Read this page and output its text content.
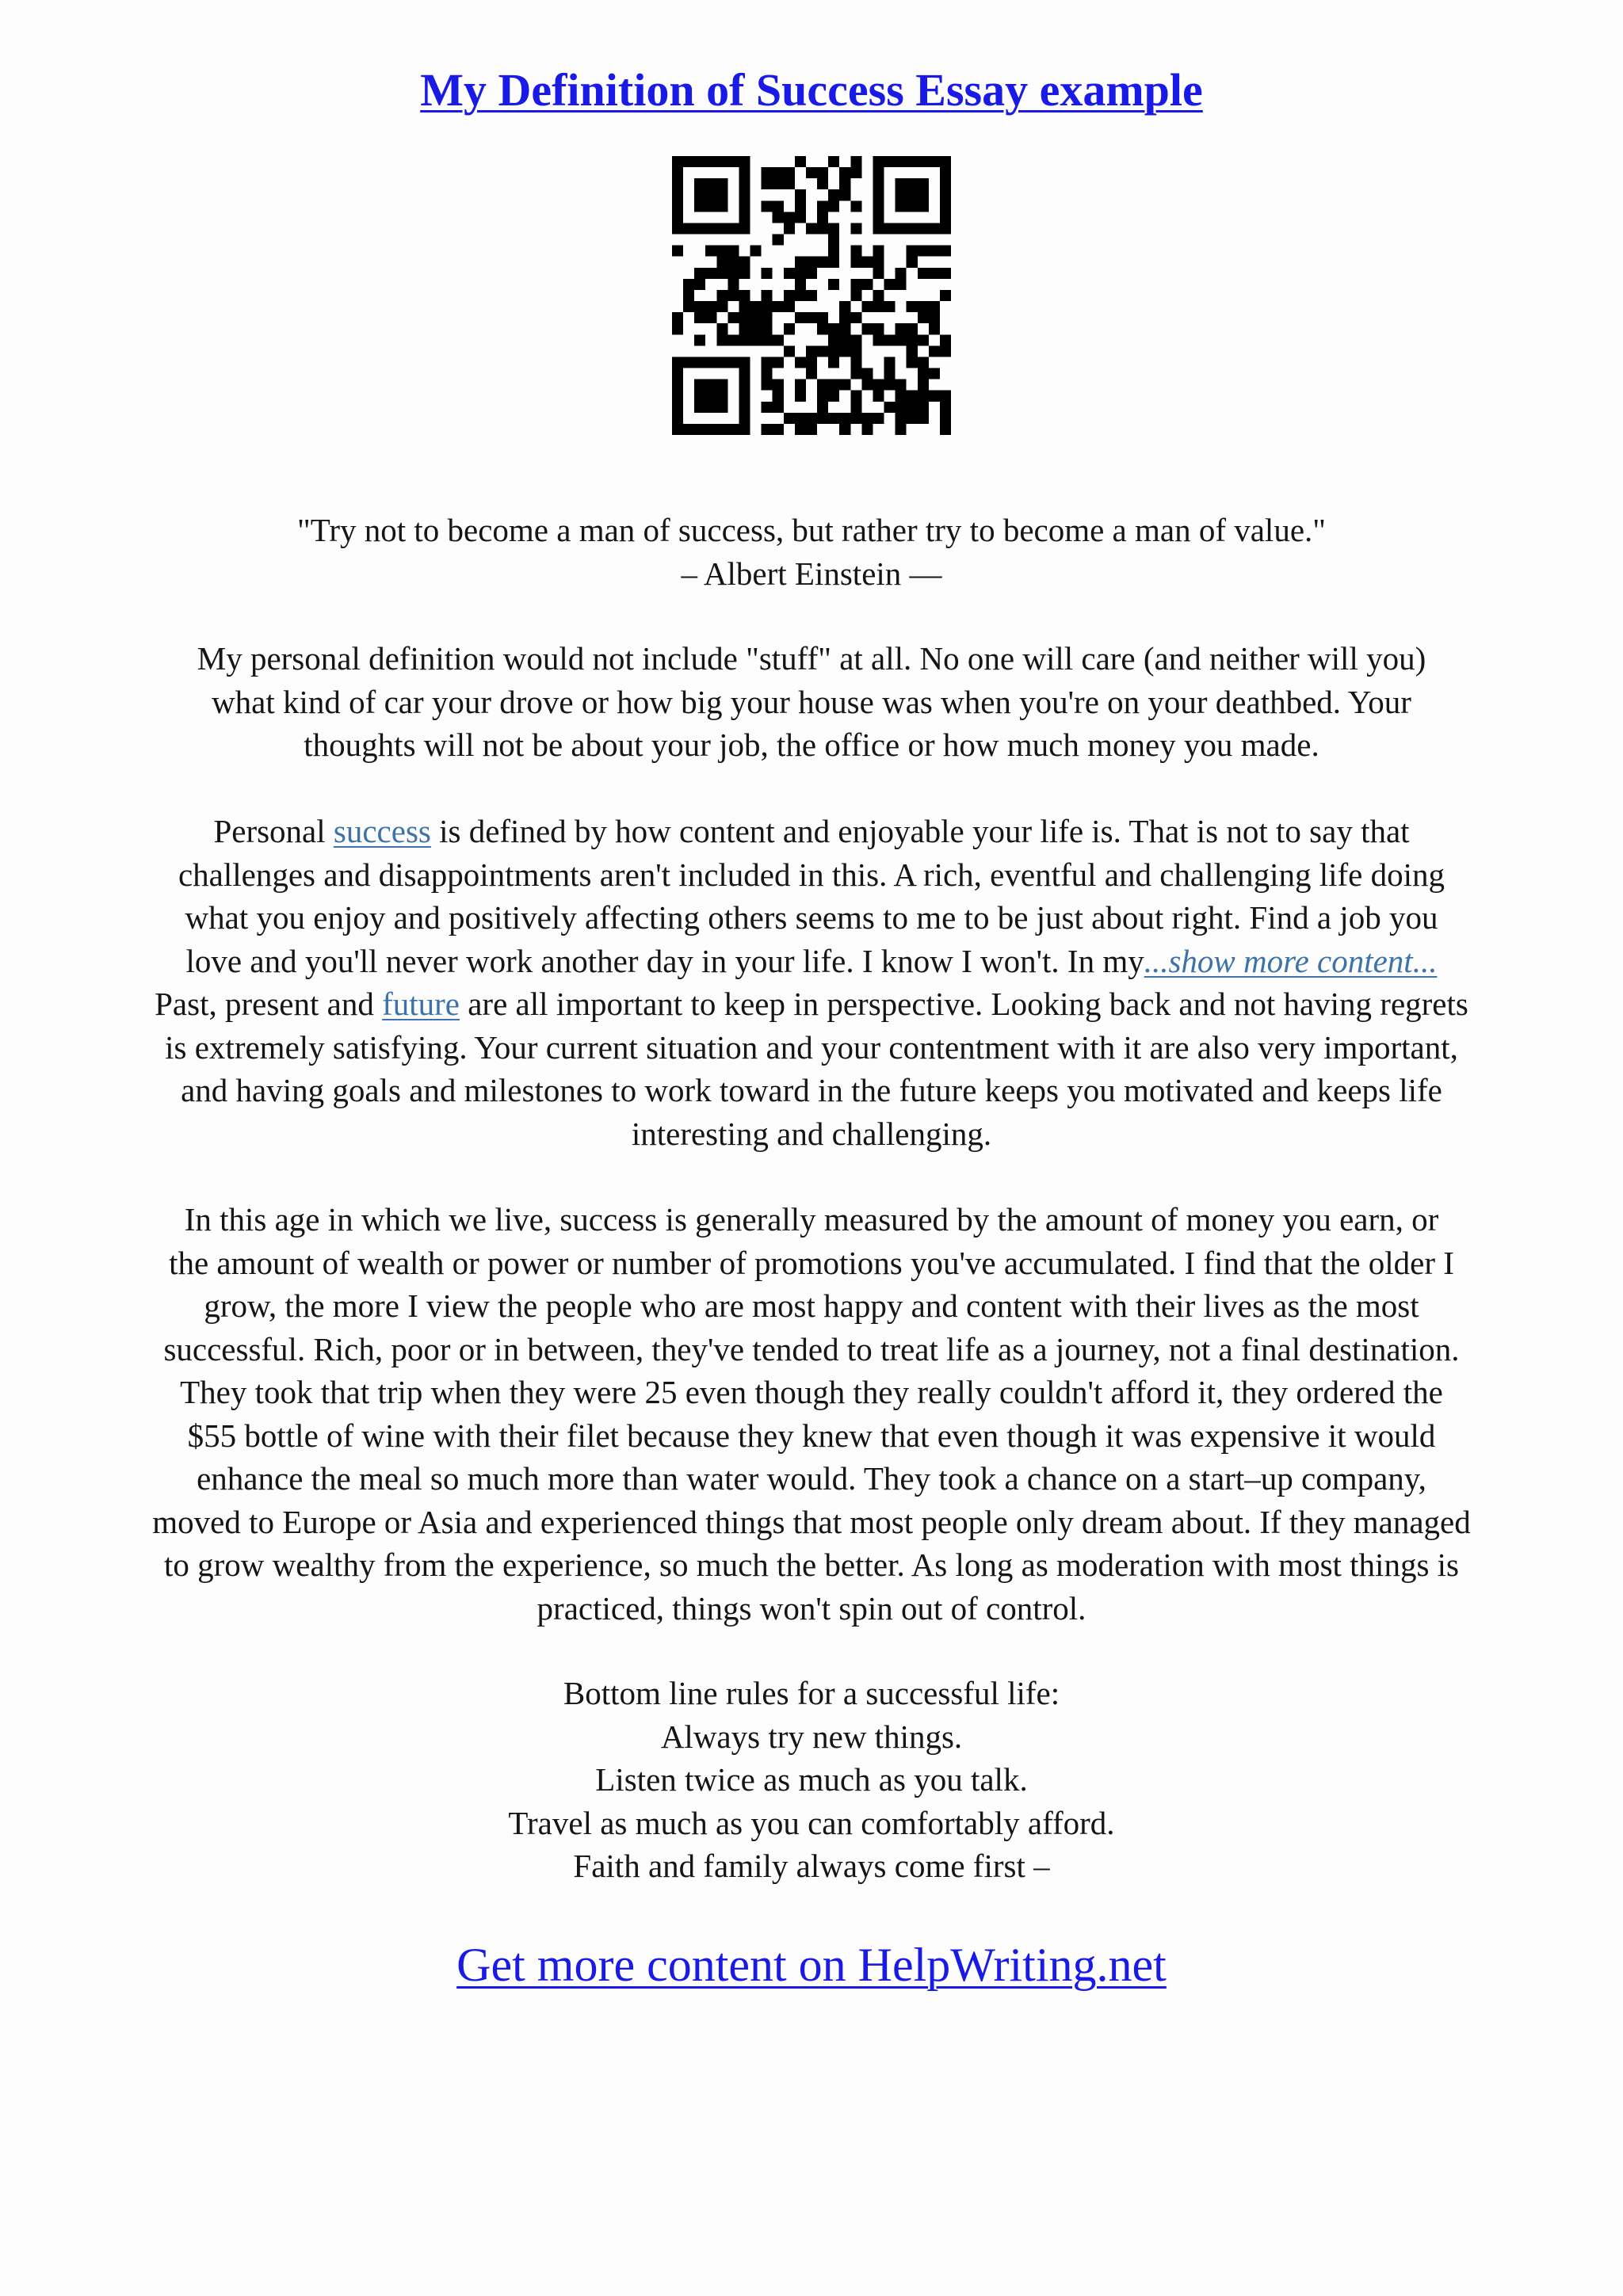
My Definition of Success Essay example
"Try not to become a man of success, but rather try to become a man of value."
– Albert Einstein —
My personal definition would not include "stuff" at all. No one will care (and neither will you)
what kind of car your drove or how big your house was when you're on your deathbed. Your
thoughts will not be about your job, the office or how much money you made.
Personal success is defined by how content and enjoyable your life is. That is not to say that
challenges and disappointments aren't included in this. A rich, eventful and challenging life doing
what you enjoy and positively affecting others seems to me to be just about right. Find a job you
love and you'll never work another day in your life. I know I won't. In my...show more content...
Past, present and future are all important to keep in perspective. Looking back and not having regrets
is extremely satisfying. Your current situation and your contentment with it are also very important,
and having goals and milestones to work toward in the future keeps you motivated and keeps life
interesting and challenging.
In this age in which we live, success is generally measured by the amount of money you earn, or
the amount of wealth or power or number of promotions you've accumulated. I find that the older I
grow, the more I view the people who are most happy and content with their lives as the most
successful. Rich, poor or in between, they've tended to treat life as a journey, not a final destination.
They took that trip when they were 25 even though they really couldn't afford it, they ordered the
$55 bottle of wine with their filet because they knew that even though it was expensive it would
enhance the meal so much more than water would. They took a chance on a start–up company,
moved to Europe or Asia and experienced things that most people only dream about. If they managed
to grow wealthy from the experience, so much the better. As long as moderation with most things is
practiced, things won't spin out of control.
Bottom line rules for a successful life:
Always try new things.
Listen twice as much as you talk.
Travel as much as you can comfortably afford.
Faith and family always come first –
Get more content on HelpWriting.net
